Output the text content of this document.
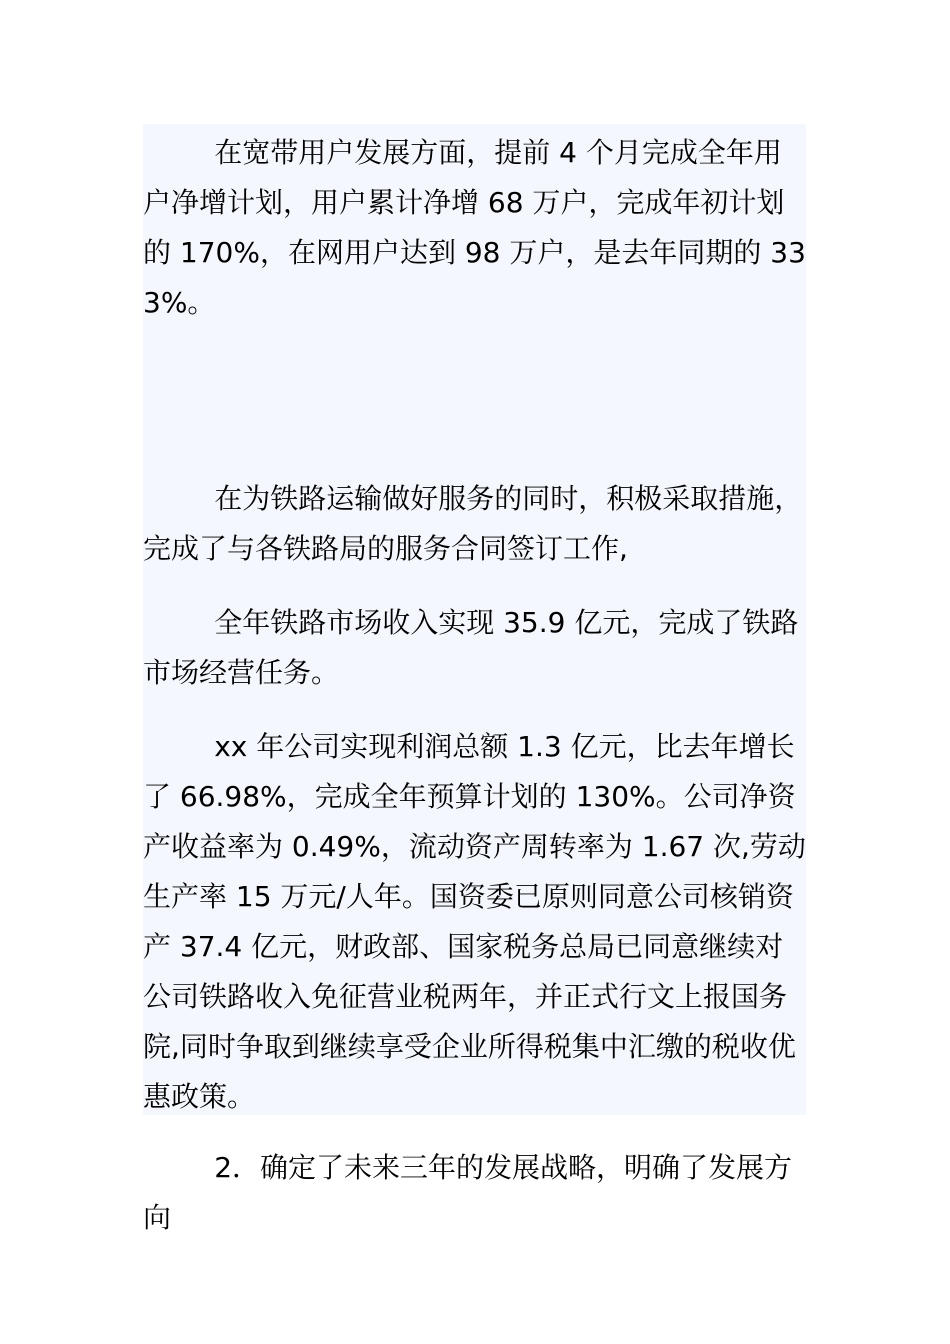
在宽带用户发展方面，提前 4 个月完成全年用户净增计划，用户累计净增 68 万户，完成年初计划的 170%，在网用户达到 98 万户，是去年同期的 333%。

在为铁路运输做好服务的同时，积极采取措施，完成了与各铁路局的服务合同签订工作,

全年铁路市场收入实现 35.9 亿元，完成了铁路市场经营任务。

xx 年公司实现利润总额 1.3 亿元，比去年增长了 66.98%，完成全年预算计划的 130%。公司净资产收益率为 0.49%，流动资产周转率为 1.67 次,劳动生产率 15 万元/人年。国资委已原则同意公司核销资产 37.4 亿元，财政部、国家税务总局已同意继续对公司铁路收入免征营业税两年，并正式行文上报国务院,同时争取到继续享受企业所得税集中汇缴的税收优惠政策。

2．确定了未来三年的发展战略，明确了发展方向
